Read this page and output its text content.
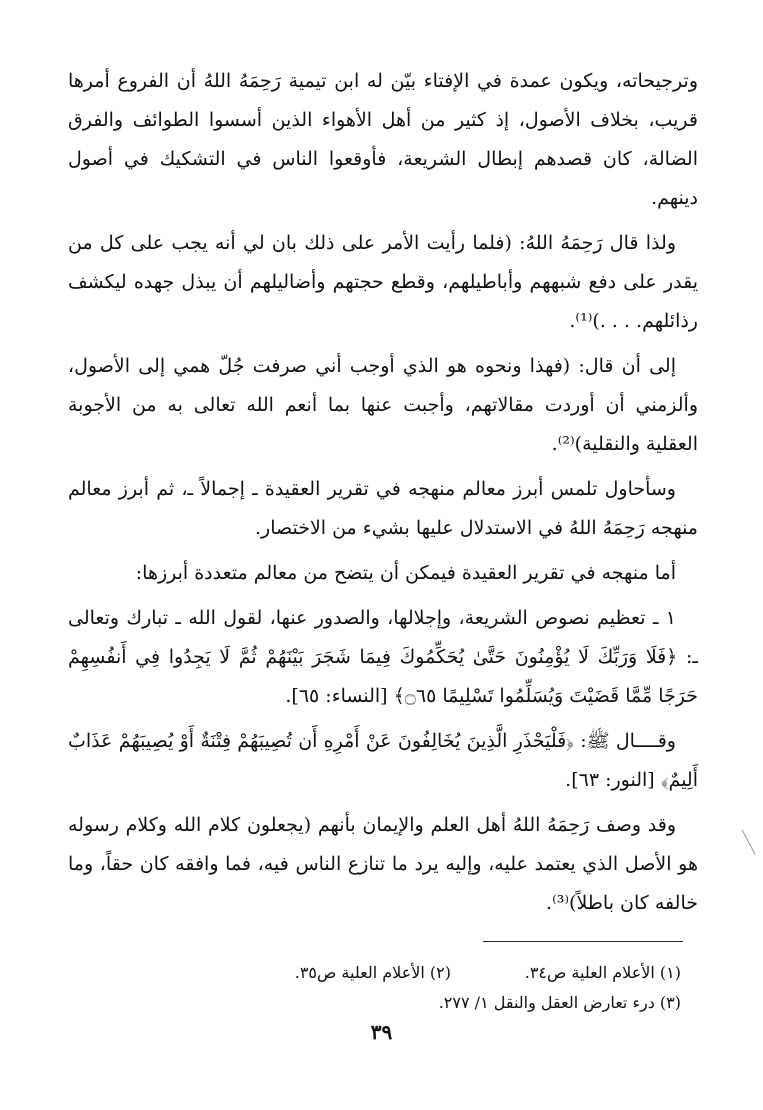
وترجيحاته، ويكون عمدة في الإفتاء بيّن له ابن تيمية رَحِمَهُ اللهُ أن الفروع أمرها قريب، بخلاف الأصول، إذ كثير من أهل الأهواء الذين أسسوا الطوائف والفرق الضالة، كان قصدهم إبطال الشريعة، فأوقعوا الناس في التشكيك في أصول دينهم.

ولذا قال رَحِمَهُ اللهُ: (فلما رأيت الأمر على ذلك بان لي أنه يجب على كل من يقدر على دفع شبههم وأباطيلهم، وقطع حجتهم وأضاليلهم أن يبذل جهده ليكشف رذائلهم. . . .)⁽¹⁾.

إلى أن قال: (فهذا ونحوه هو الذي أوجب أني صرفت جُلّ همي إلى الأصول، وألزمني أن أوردت مقالاتهم، وأجبت عنها بما أنعم الله تعالى به من الأجوبة العقلية والنقلية)⁽²⁾.

وسأحاول تلمس أبرز معالم منهجه في تقرير العقيدة ـ إجمالاً ـ، ثم أبرز معالم منهجه رَحِمَهُ اللهُ في الاستدلال عليها بشيء من الاختصار.

أما منهجه في تقرير العقيدة فيمكن أن يتضح من معالم متعددة أبرزها:

١ ـ تعظيم نصوص الشريعة، وإجلالها، والصدور عنها، لقول الله ـ تبارك وتعالى ـ: ﴿فَلَا وَرَبِّكَ لَا يُؤْمِنُونَ حَتَّىٰ يُحَكِّمُوكَ فِيمَا شَجَرَ بَيْنَهُمْ ثُمَّ لَا يَجِدُوا فِي أَنفُسِهِمْ حَرَجًا مِّمَّا قَضَيْتَ وَيُسَلِّمُوا تَسْلِيمًا ۝٦٥﴾ [النساء: ٦٥].

وقــــال ﷺ: ﴿فَلْيَحْذَرِ الَّذِينَ يُخَالِفُونَ عَنْ أَمْرِهِ أَن تُصِيبَهُمْ فِتْنَةٌ أَوْ يُصِيبَهُمْ عَذَابٌ أَلِيمٌ﴾ [النور: ٦٣].

وقد وصف رَحِمَهُ اللهُ أهل العلم والإيمان بأنهم (يجعلون كلام الله وكلام رسوله هو الأصل الذي يعتمد عليه، وإليه يرد ما تنازع الناس فيه، فما وافقه كان حقاً، وما خالفه كان باطلاً)⁽³⁾.

(١) الأعلام العلية ص٣٤.
(٢) الأعلام العلية ص٣٥.
(٣) درء تعارض العقل والنقل ١/ ٢٧٧.
٣٩
